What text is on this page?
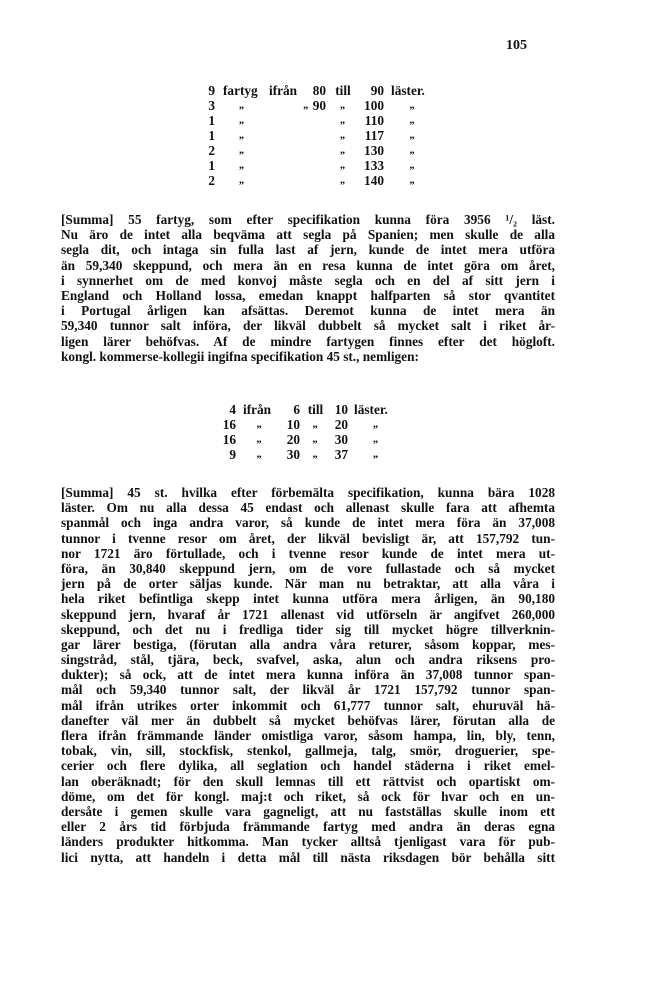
105
9	fartyg	ifrån	80	till	90	läster.
3	„	„	90	„	100	„
1	„			„	110	„
1	„			„	117	„
2	„			„	130	„
1	„			„	133	„
2	„			„	140	„
[Summa] 55 fartyg, som efter specifikation kunna föra 3956 ¹/₂ läst.
Nu äro de intet alla beqväma att segla på Spanien; men skulle de alla
segla dit, och intaga sin fulla last af jern, kunde de intet mera utföra
än 59,340 skeppund, och mera än en resa kunna de intet göra om året,
i synnerhet om de med konvoj måste segla och en del af sitt jern i
England och Holland lossa, emedan knappt halfparten så stor qvantitet
i Portugal årligen kan afsättas. Deremot kunna de intet mera än
59,340 tunnor salt införa, der likväl dubbelt så mycket salt i riket år-
ligen lärer behöfvas. Af de mindre fartygen finnes efter det högloft.
kongl. kommerse-kollegii ingifna specifikation 45 st., nemligen:
4	ifrån	6	till	10	läster.
16	„	10	„	20	„
16	„	20	„	30	„
9	„	30	„	37	„
[Summa] 45 st. hvilka efter förbemälta specifikation, kunna bära 1028
läster. Om nu alla dessa 45 endast och allenast skulle fara att afhemta
spanmål och inga andra varor, så kunde de intet mera föra än 37,008
tunnor i tvenne resor om året, der likväl bevisligt är, att 157,792 tun-
nor 1721 äro förtullade, och i tvenne resor kunde de intet mera ut-
föra, än 30,840 skeppund jern, om de vore fullastade och så mycket
jern på de orter säljas kunde. När man nu betraktar, att alla våra i
hela riket befintliga skepp intet kunna utföra mera årligen, än 90,180
skeppund jern, hvaraf år 1721 allenast vid utförseln är angifvet 260,000
skeppund, och det nu i fredliga tider sig till mycket högre tillverknin-
gar lärer bestiga, (förutan alla andra våra returer, såsom koppar, mes-
singstråd, stål, tjära, beck, svafvel, aska, alun och andra riksens pro-
dukter); så ock, att de intet mera kunna införa än 37,008 tunnor span-
mål och 59,340 tunnor salt, der likväl år 1721 157,792 tunnor span-
mål ifrån utrikes orter inkommit och 61,777 tunnor salt, ehuruväl hä-
danefter väl mer än dubbelt så mycket behöfvas lärer, förutan alla de
flera ifrån främmande länder omistliga varor, såsom hampa, lin, bly, tenn,
tobak, vin, sill, stockfisk, stenkol, gallmeja, talg, smör, droguerier, spe-
cerier och flere dylika, all seglation och handel städerna i riket emel-
lan oberäknadt; för den skull lemnas till ett rättvist och opartiskt om-
döme, om det för kongl. maj:t och riket, så ock för hvar och en un-
dersåte i gemen skulle vara gagneligt, att nu fastställas skulle inom ett
eller 2 års tid förbjuda främmande fartyg med andra än deras egna
länders produkter hitkomma. Man tycker alltså tjenligast vara för pub-
lici nytta, att handeln i detta mål till nästa riksdagen bör behålla sitt
